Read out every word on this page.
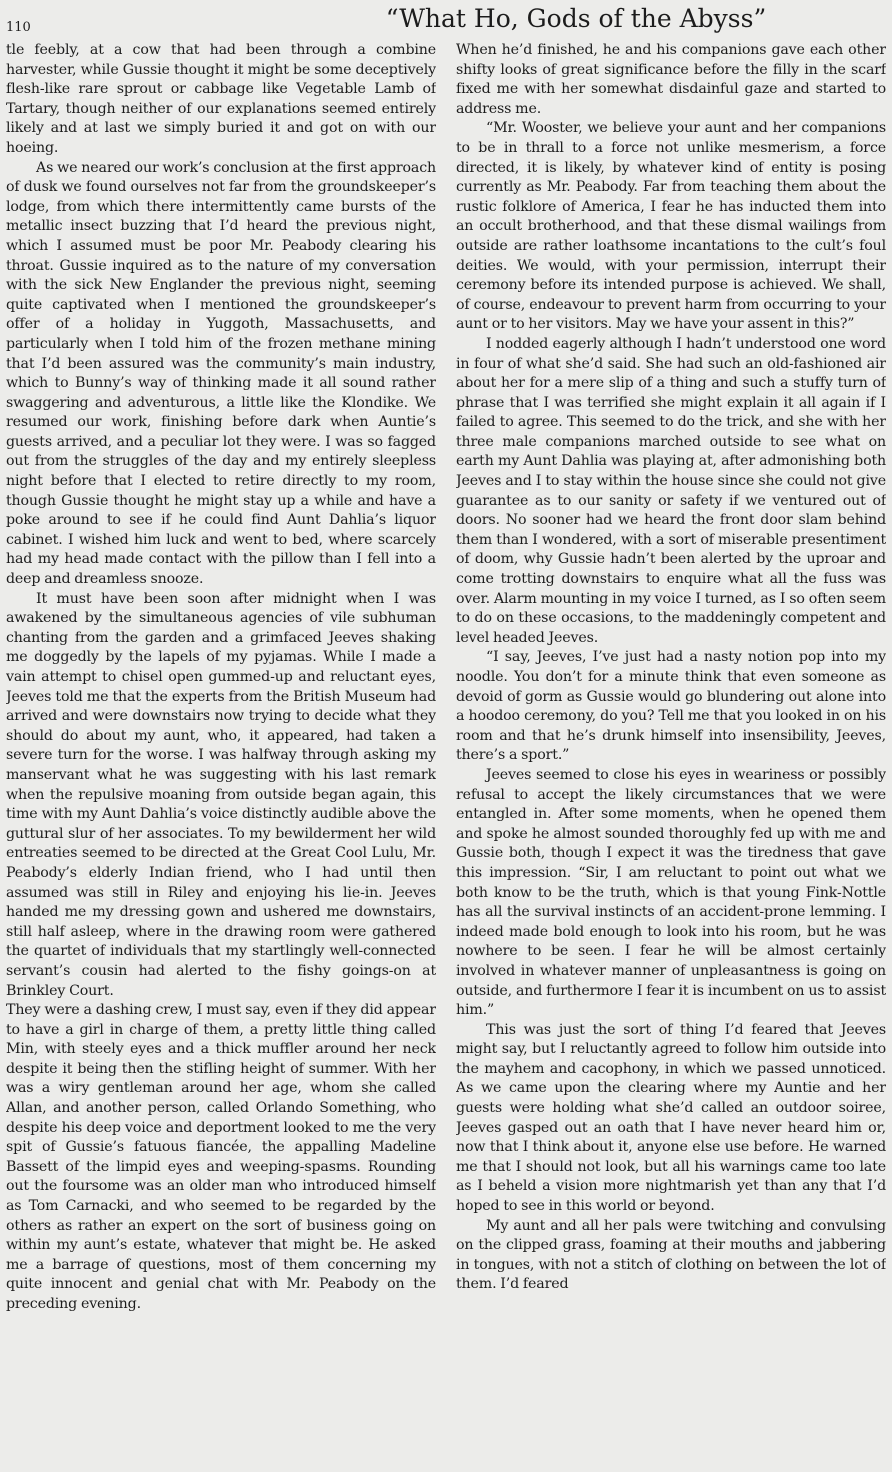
110	“What Ho, Gods of the Abyss”

tle feebly, at a cow that had been through a combine harvester, while Gussie thought it might be some deceptively flesh-like rare sprout or cabbage like Vegetable Lamb of Tartary, though neither of our explanations seemed entirely likely and at last we simply buried it and got on with our hoeing.

As we neared our work’s conclusion at the first approach of dusk we found ourselves not far from the groundskeeper’s lodge, from which there intermittently came bursts of the metallic insect buzzing that I’d heard the previous night, which I assumed must be poor Mr. Peabody clearing his throat. Gussie inquired as to the nature of my conversation with the sick New Englander the previous night, seeming quite captivated when I mentioned the groundskeeper’s offer of a holiday in Yuggoth, Massachusetts, and particularly when I told him of the frozen methane mining that I’d been assured was the community’s main industry, which to Bunny’s way of thinking made it all sound rather swaggering and adventurous, a little like the Klondike. We resumed our work, finishing before dark when Auntie’s guests arrived, and a peculiar lot they were. I was so fagged out from the struggles of the day and my entirely sleepless night before that I elected to retire directly to my room, though Gussie thought he might stay up a while and have a poke around to see if he could find Aunt Dahlia’s liquor cabinet. I wished him luck and went to bed, where scarcely had my head made contact with the pillow than I fell into a deep and dreamless snooze.

It must have been soon after midnight when I was awakened by the simultaneous agencies of vile subhuman chanting from the garden and a grimfaced Jeeves shaking me doggedly by the lapels of my pyjamas. While I made a vain attempt to chisel open gummed-up and reluctant eyes, Jeeves told me that the experts from the British Museum had arrived and were downstairs now trying to decide what they should do about my aunt, who, it appeared, had taken a severe turn for the worse. I was halfway through asking my manservant what he was suggesting with his last remark when the repulsive moaning from outside began again, this time with my Aunt Dahlia’s voice distinctly audible above the guttural slur of her associates. To my bewilderment her wild entreaties seemed to be directed at the Great Cool Lulu, Mr. Peabody’s elderly Indian friend, who I had until then assumed was still in Riley and enjoying his lie-in. Jeeves handed me my dressing gown and ushered me downstairs, still half asleep, where in the drawing room were gathered the quartet of individuals that my startlingly well-connected servant’s cousin had alerted to the fishy goings-on at Brinkley Court.

They were a dashing crew, I must say, even if they did appear to have a girl in charge of them, a pretty little thing called Min, with steely eyes and a thick muffler around her neck despite it being then the stifling height of summer. With her was a wiry gentleman around her age, whom she called Allan, and another person, called Orlando Something, who despite his deep voice and deportment looked to me the very spit of Gussie’s fatuous fiancée, the appalling Madeline Bassett of the limpid eyes and weeping-spasms. Rounding out the foursome was an older man who introduced himself as Tom Carnacki, and who seemed to be regarded by the others as rather an expert on the sort of business going on within my aunt’s estate, whatever that might be. He asked me a barrage of questions, most of them concerning my quite innocent and genial chat with Mr. Peabody on the preceding evening.

When he’d finished, he and his companions gave each other shifty looks of great significance before the filly in the scarf fixed me with her somewhat disdainful gaze and started to address me.

“Mr. Wooster, we believe your aunt and her companions to be in thrall to a force not unlike mesmerism, a force directed, it is likely, by whatever kind of entity is posing currently as Mr. Peabody. Far from teaching them about the rustic folklore of America, I fear he has inducted them into an occult brotherhood, and that these dismal wailings from outside are rather loathsome incantations to the cult’s foul deities. We would, with your permission, interrupt their ceremony before its intended purpose is achieved. We shall, of course, endeavour to prevent harm from occurring to your aunt or to her visitors. May we have your assent in this?”

I nodded eagerly although I hadn’t understood one word in four of what she’d said. She had such an old-fashioned air about her for a mere slip of a thing and such a stuffy turn of phrase that I was terrified she might explain it all again if I failed to agree. This seemed to do the trick, and she with her three male companions marched outside to see what on earth my Aunt Dahlia was playing at, after admonishing both Jeeves and I to stay within the house since she could not give guarantee as to our sanity or safety if we ventured out of doors. No sooner had we heard the front door slam behind them than I wondered, with a sort of miserable presentiment of doom, why Gussie hadn’t been alerted by the uproar and come trotting downstairs to enquire what all the fuss was over. Alarm mounting in my voice I turned, as I so often seem to do on these occasions, to the maddeningly competent and level headed Jeeves.

“I say, Jeeves, I’ve just had a nasty notion pop into my noodle. You don’t for a minute think that even someone as devoid of gorm as Gussie would go blundering out alone into a hoodoo ceremony, do you? Tell me that you looked in on his room and that he’s drunk himself into insensibility, Jeeves, there’s a sport.”

Jeeves seemed to close his eyes in weariness or possibly refusal to accept the likely circumstances that we were entangled in. After some moments, when he opened them and spoke he almost sounded thoroughly fed up with me and Gussie both, though I expect it was the tiredness that gave this impression. “Sir, I am reluctant to point out what we both know to be the truth, which is that young Fink-Nottle has all the survival instincts of an accident-prone lemming. I indeed made bold enough to look into his room, but he was nowhere to be seen. I fear he will be almost certainly involved in whatever manner of unpleasantness is going on outside, and furthermore I fear it is incumbent on us to assist him.”

This was just the sort of thing I’d feared that Jeeves might say, but I reluctantly agreed to follow him outside into the mayhem and cacophony, in which we passed unnoticed. As we came upon the clearing where my Auntie and her guests were holding what she’d called an outdoor soiree, Jeeves gasped out an oath that I have never heard him or, now that I think about it, anyone else use before. He warned me that I should not look, but all his warnings came too late as I beheld a vision more nightmarish yet than any that I’d hoped to see in this world or beyond.

My aunt and all her pals were twitching and convulsing on the clipped grass, foaming at their mouths and jabbering in tongues, with not a stitch of clothing on between the lot of them. I’d feared
